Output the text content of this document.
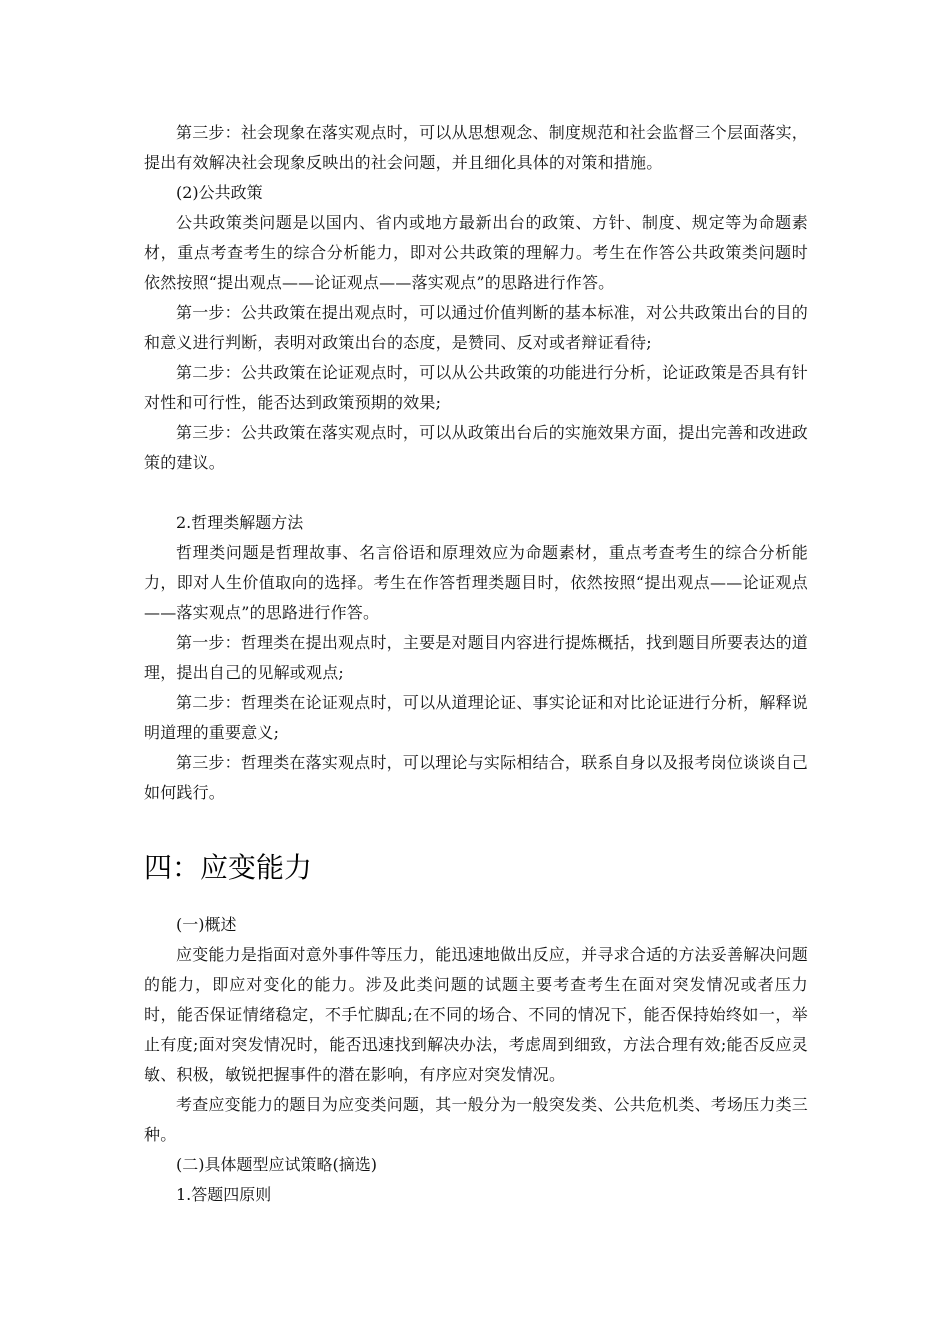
第三步：社会现象在落实观点时，可以从思想观念、制度规范和社会监督三个层面落实，提出有效解决社会现象反映出的社会问题，并且细化具体的对策和措施。

(2)公共政策

公共政策类问题是以国内、省内或地方最新出台的政策、方针、制度、规定等为命题素材，重点考查考生的综合分析能力，即对公共政策的理解力。考生在作答公共政策类问题时依然按照“提出观点——论证观点——落实观点”的思路进行作答。

第一步：公共政策在提出观点时，可以通过价值判断的基本标准，对公共政策出台的目的和意义进行判断，表明对政策出台的态度，是赞同、反对或者辩证看待;

第二步：公共政策在论证观点时，可以从公共政策的功能进行分析，论证政策是否具有针对性和可行性，能否达到政策预期的效果;

第三步：公共政策在落实观点时，可以从政策出台后的实施效果方面，提出完善和改进政策的建议。

2.哲理类解题方法

哲理类问题是哲理故事、名言俗语和原理效应为命题素材，重点考查考生的综合分析能力，即对人生价值取向的选择。考生在作答哲理类题目时，依然按照“提出观点——论证观点——落实观点”的思路进行作答。

第一步：哲理类在提出观点时，主要是对题目内容进行提炼概括，找到题目所要表达的道理，提出自己的见解或观点;

第二步：哲理类在论证观点时，可以从道理论证、事实论证和对比论证进行分析，解释说明道理的重要意义;

第三步：哲理类在落实观点时，可以理论与实际相结合，联系自身以及报考岗位谈谈自己如何践行。

四：应变能力

(一)概述

应变能力是指面对意外事件等压力，能迅速地做出反应，并寻求合适的方法妥善解决问题的能力，即应对变化的能力。涉及此类问题的试题主要考查考生在面对突发情况或者压力时，能否保证情绪稳定，不手忙脚乱;在不同的场合、不同的情况下，能否保持始终如一，举止有度;面对突发情况时，能否迅速找到解决办法，考虑周到细致，方法合理有效;能否反应灵敏、积极，敏锐把握事件的潜在影响，有序应对突发情况。

考查应变能力的题目为应变类问题，其一般分为一般突发类、公共危机类、考场压力类三种。

(二)具体题型应试策略(摘选)

1.答题四原则
